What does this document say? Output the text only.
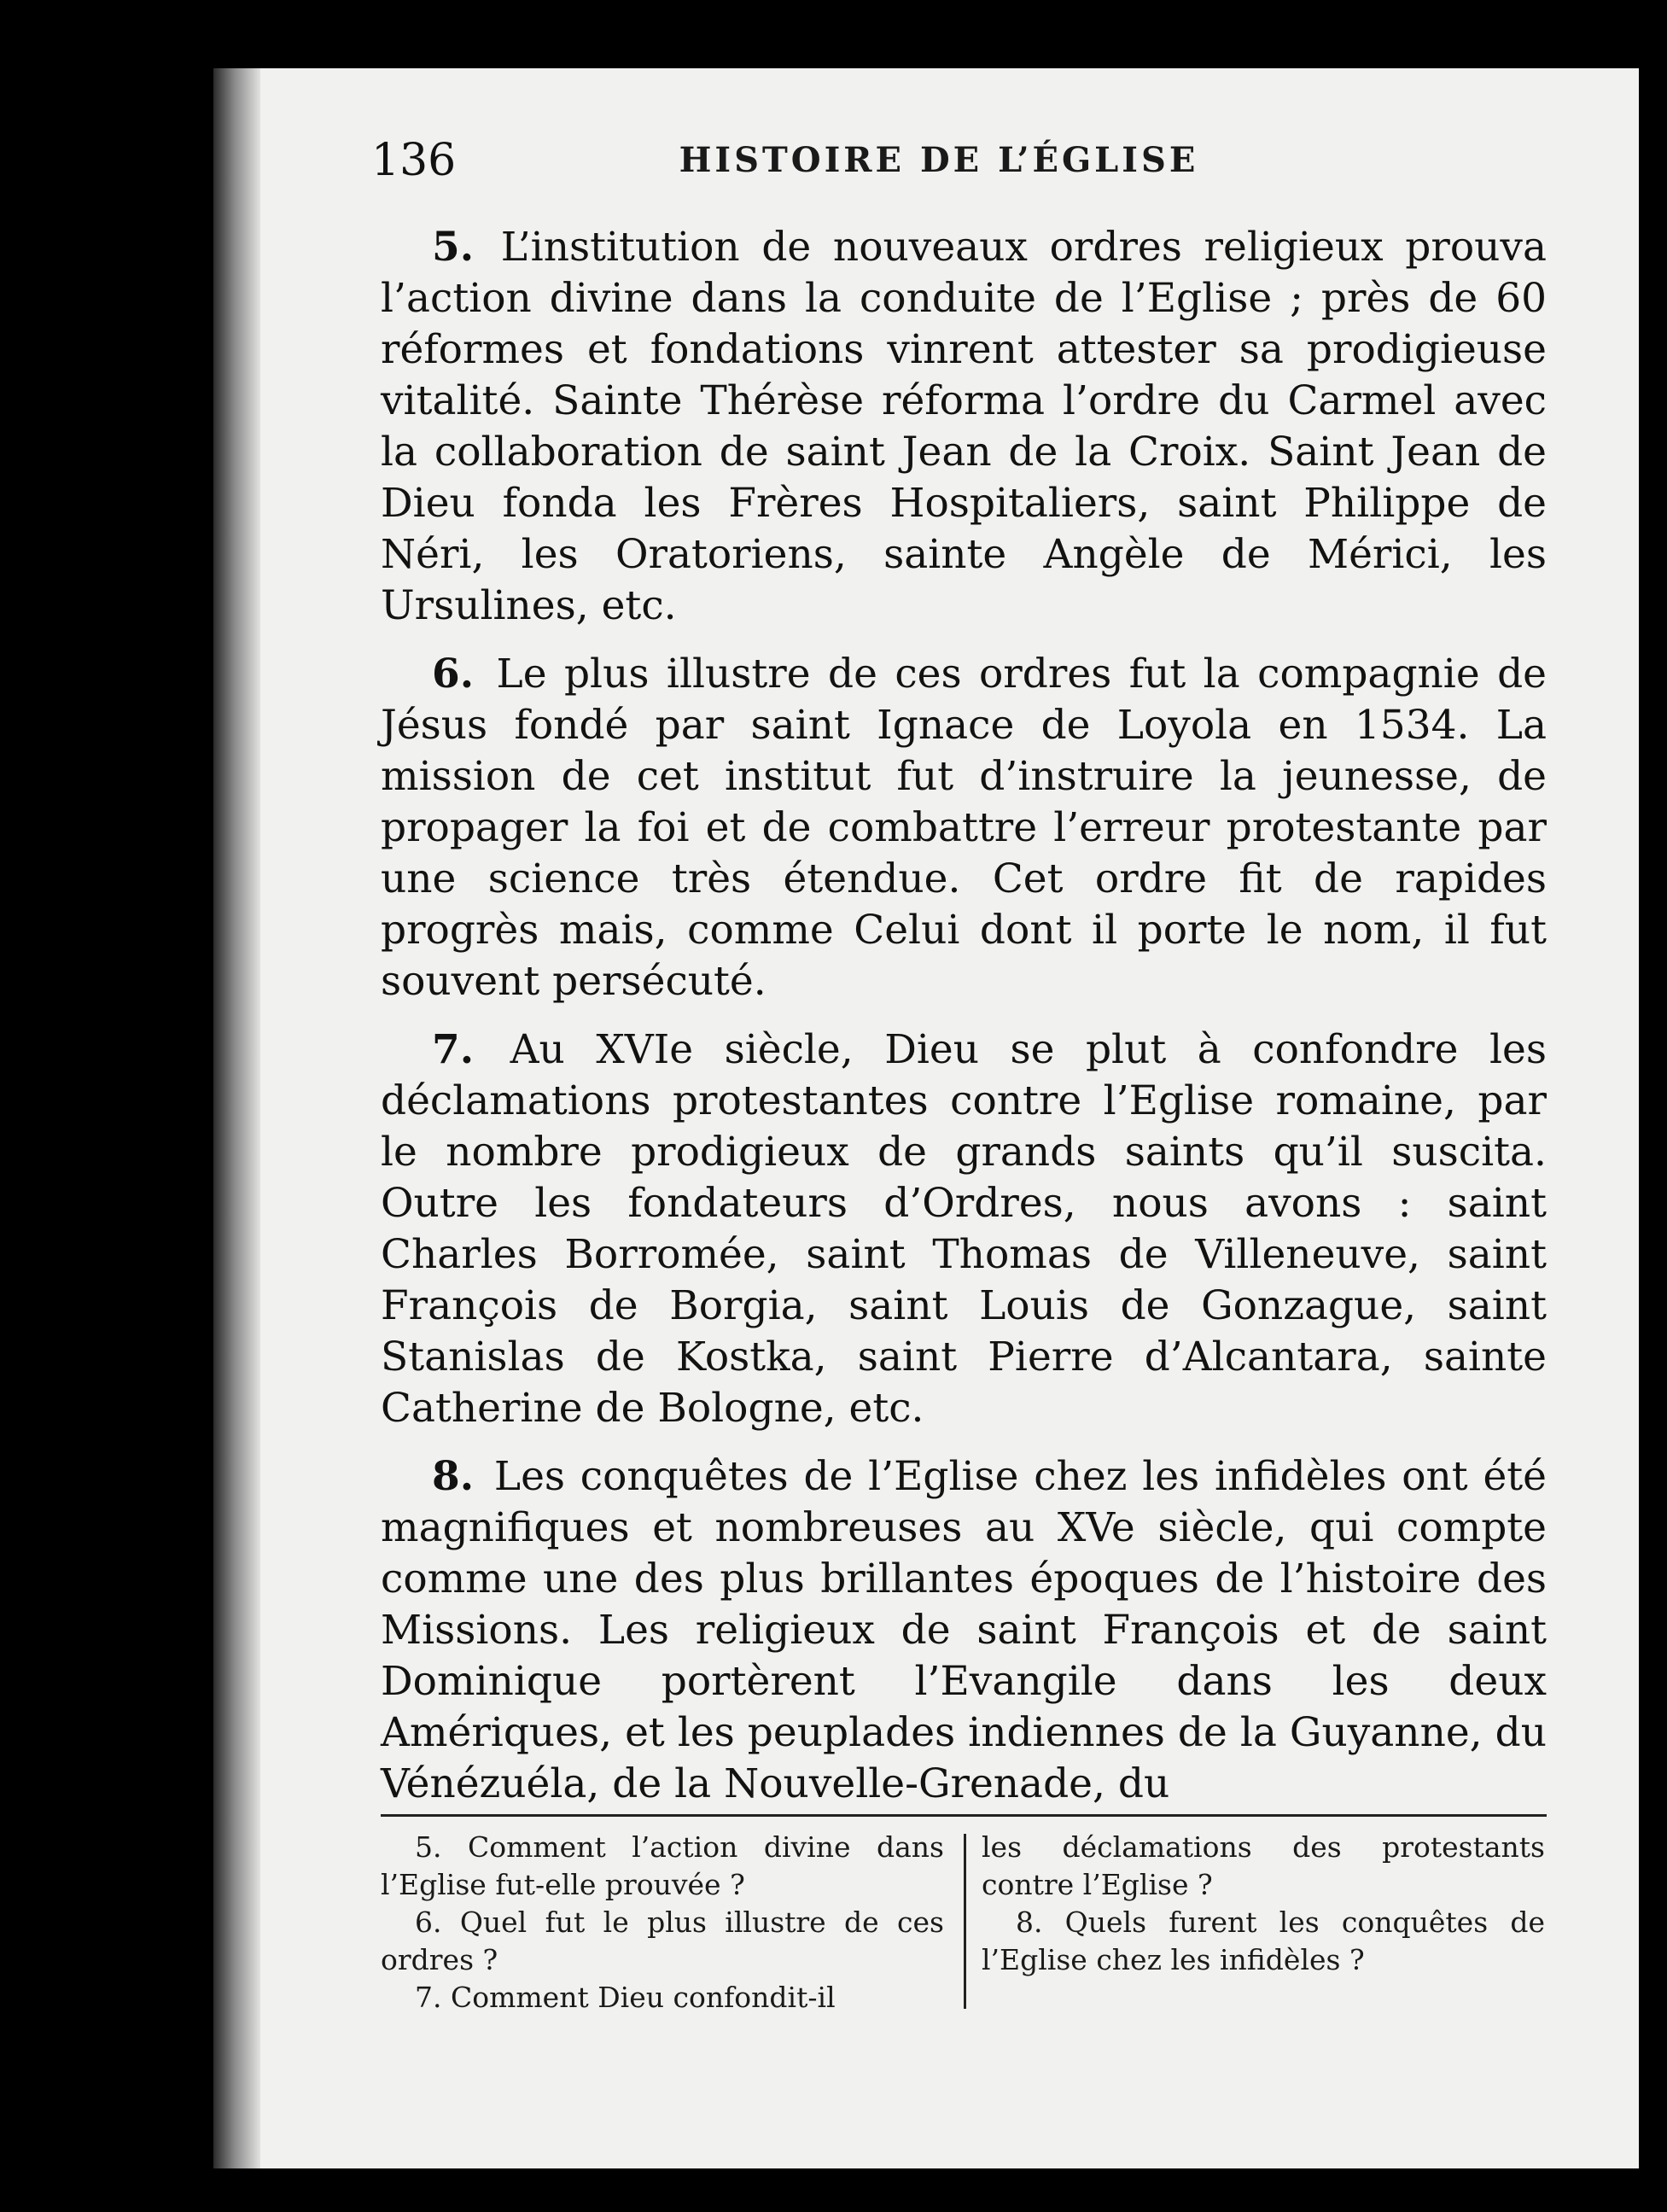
136	HISTOIRE DE L’ÉGLISE

5. L’institution de nouveaux ordres religieux prouva l’action divine dans la conduite de l’Eglise ; près de 60 réformes et fondations vinrent attester sa prodigieuse vitalité. Sainte Thérèse réforma l’ordre du Carmel avec la collaboration de saint Jean de la Croix. Saint Jean de Dieu fonda les Frères Hospitaliers, saint Philippe de Néri, les Oratoriens, sainte Angèle de Mérici, les Ursulines, etc.

6. Le plus illustre de ces ordres fut la compagnie de Jésus fondé par saint Ignace de Loyola en 1534. La mission de cet institut fut d’instruire la jeunesse, de propager la foi et de combattre l’erreur protestante par une science très étendue. Cet ordre fit de rapides progrès mais, comme Celui dont il porte le nom, il fut souvent persécuté.

7. Au XVIe siècle, Dieu se plut à confondre les déclamations protestantes contre l’Eglise romaine, par le nombre prodigieux de grands saints qu’il suscita. Outre les fondateurs d’Ordres, nous avons : saint Charles Borromée, saint Thomas de Villeneuve, saint François de Borgia, saint Louis de Gonzague, saint Stanislas de Kostka, saint Pierre d’Alcantara, sainte Catherine de Bologne, etc.

8. Les conquêtes de l’Eglise chez les infidèles ont été magnifiques et nombreuses au XVe siècle, qui compte comme une des plus brillantes époques de l’histoire des Missions. Les religieux de saint François et de saint Dominique portèrent l’Evangile dans les deux Amériques, et les peuplades indiennes de la Guyanne, du Vénézuéla, de la Nouvelle-Grenade, du

5. Comment l’action divine dans l’Eglise fut-elle prouvée ?

6. Quel fut le plus illustre de ces ordres ?

7. Comment Dieu confondit-il

les déclamations des protestants contre l’Eglise ?

8. Quels furent les conquêtes de l’Eglise chez les infidèles ?
